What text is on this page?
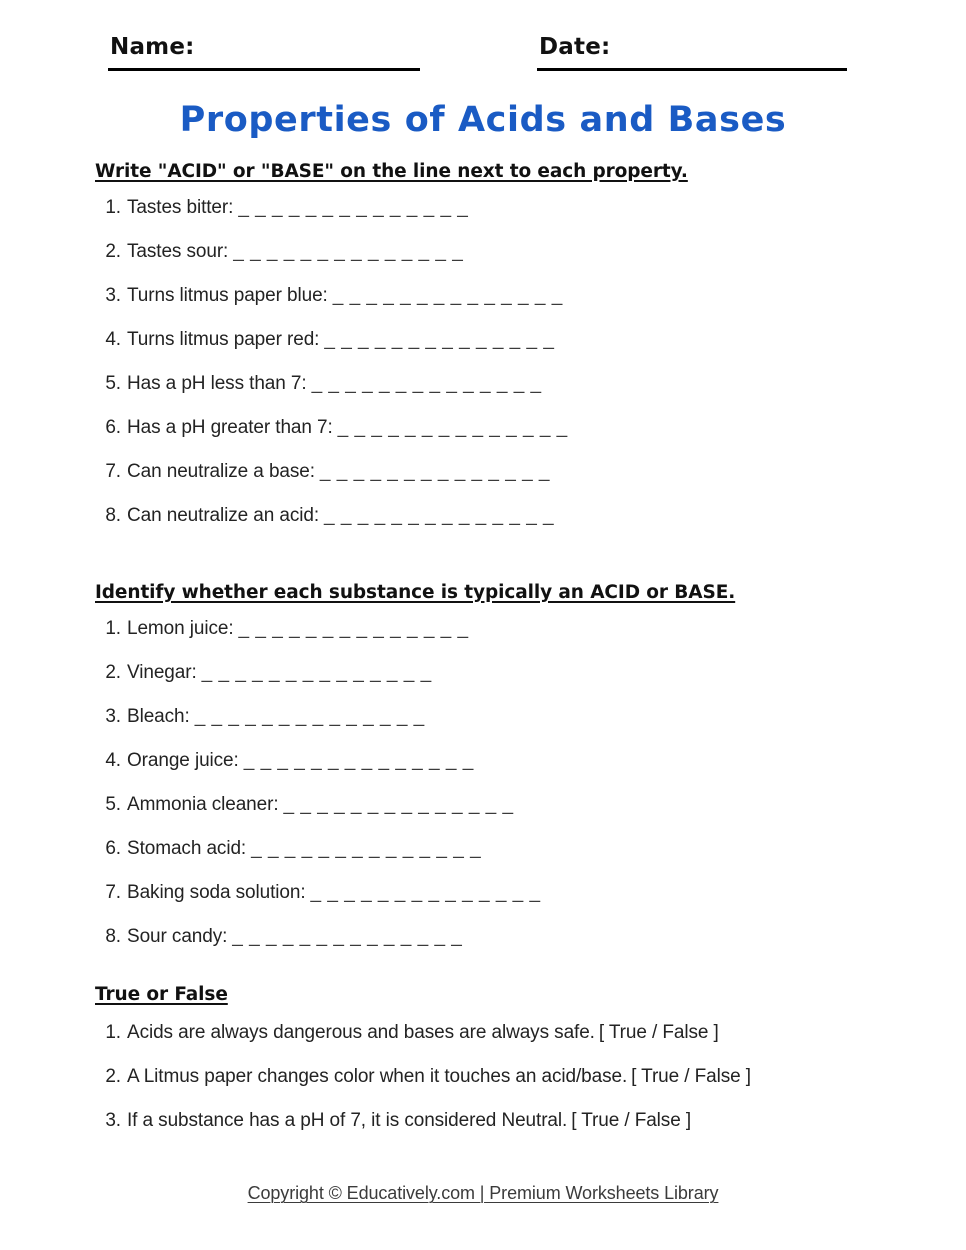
Name:	Date:
Properties of Acids and Bases
Write "ACID" or "BASE" on the line next to each property.
1. Tastes bitter: _ _ _ _ _ _ _ _ _ _ _ _ _ _
2. Tastes sour: _ _ _ _ _ _ _ _ _ _ _ _ _ _
3. Turns litmus paper blue: _ _ _ _ _ _ _ _ _ _ _ _ _ _
4. Turns litmus paper red: _ _ _ _ _ _ _ _ _ _ _ _ _ _
5. Has a pH less than 7: _ _ _ _ _ _ _ _ _ _ _ _ _ _
6. Has a pH greater than 7: _ _ _ _ _ _ _ _ _ _ _ _ _ _
7. Can neutralize a base: _ _ _ _ _ _ _ _ _ _ _ _ _ _
8. Can neutralize an acid: _ _ _ _ _ _ _ _ _ _ _ _ _ _
Identify whether each substance is typically an ACID or BASE.
1. Lemon juice: _ _ _ _ _ _ _ _ _ _ _ _ _ _
2. Vinegar: _ _ _ _ _ _ _ _ _ _ _ _ _ _
3. Bleach: _ _ _ _ _ _ _ _ _ _ _ _ _ _
4. Orange juice: _ _ _ _ _ _ _ _ _ _ _ _ _ _
5. Ammonia cleaner: _ _ _ _ _ _ _ _ _ _ _ _ _ _
6. Stomach acid: _ _ _ _ _ _ _ _ _ _ _ _ _ _
7. Baking soda solution: _ _ _ _ _ _ _ _ _ _ _ _ _ _
8. Sour candy: _ _ _ _ _ _ _ _ _ _ _ _ _ _
True or False
1. Acids are always dangerous and bases are always safe. [ True / False ]
2. A Litmus paper changes color when it touches an acid/base. [ True / False ]
3. If a substance has a pH of 7, it is considered Neutral. [ True / False ]
Copyright © Educatively.com | Premium Worksheets Library
